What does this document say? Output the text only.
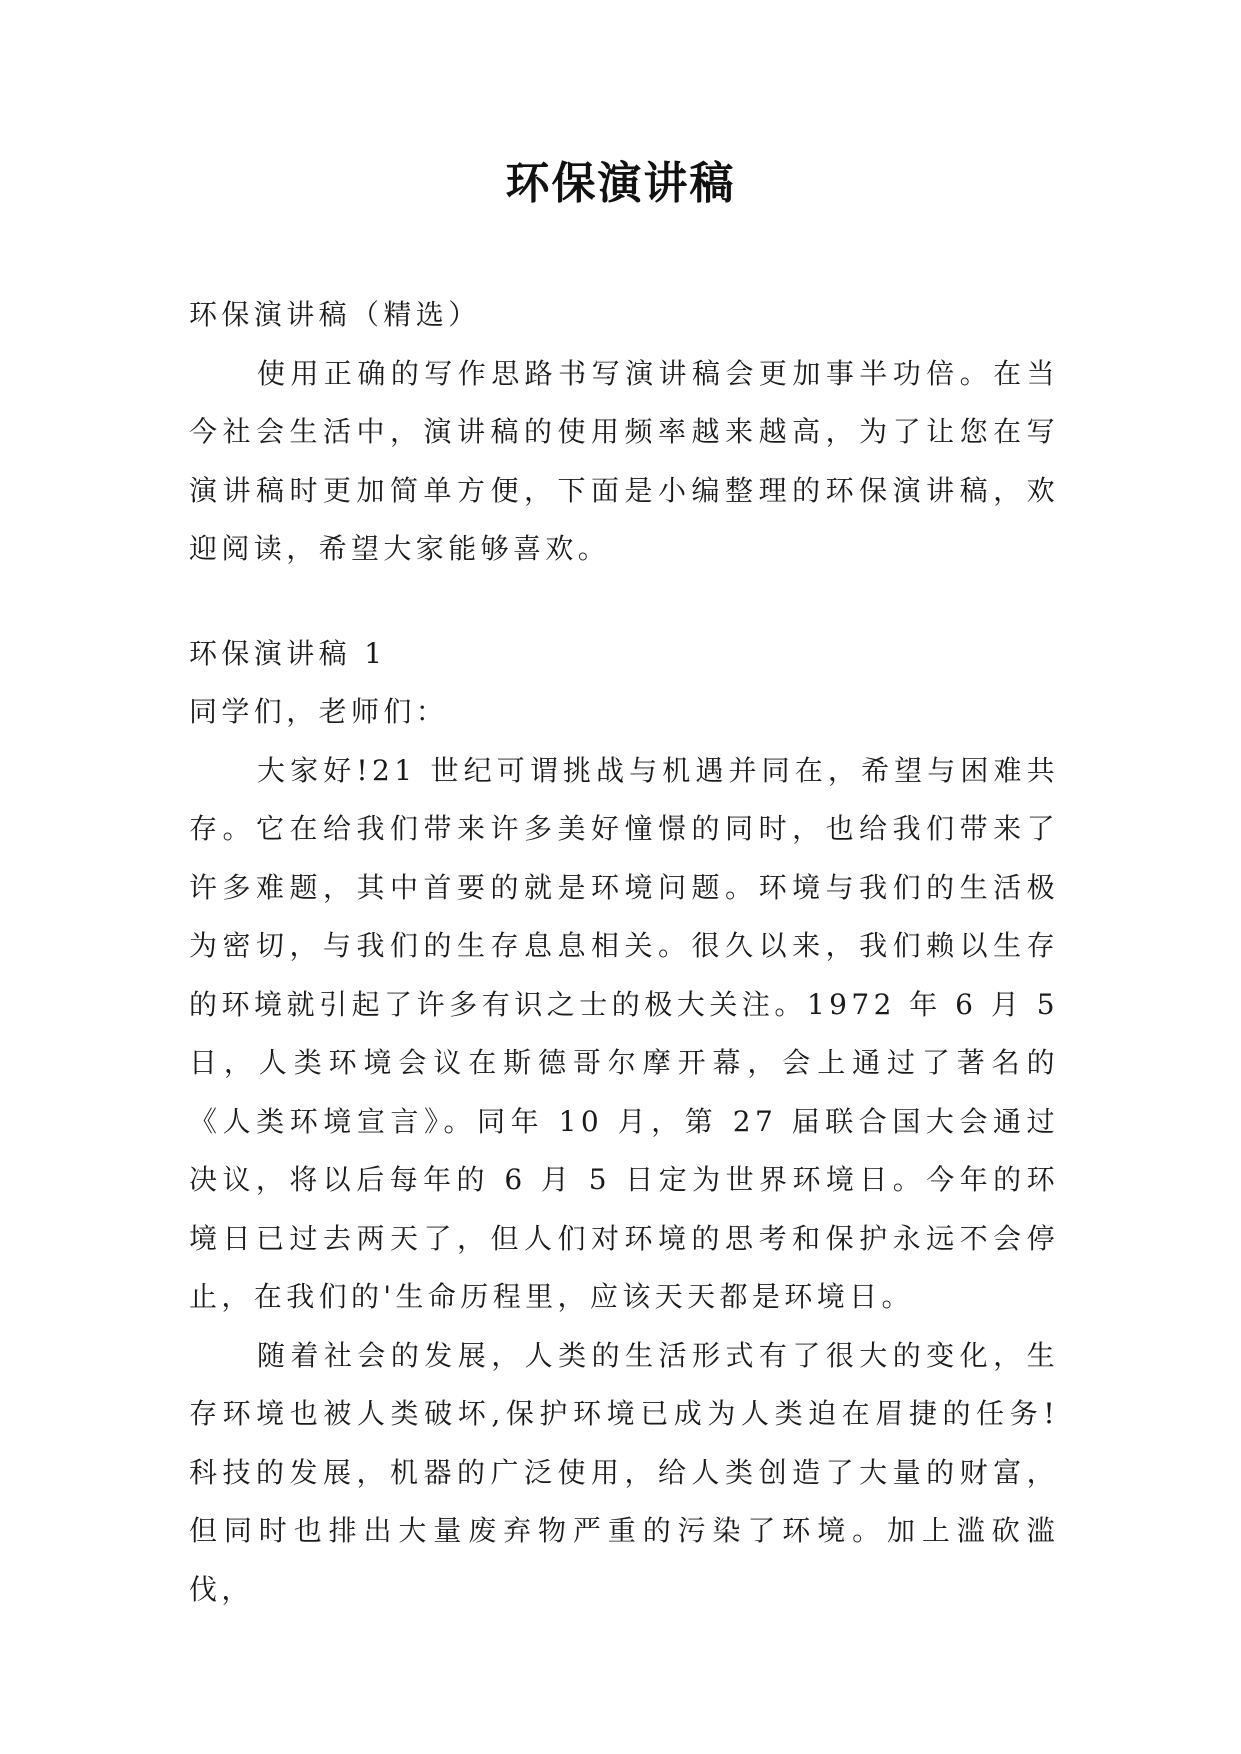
环保演讲稿

环保演讲稿（精选）

使用正确的写作思路书写演讲稿会更加事半功倍。在当今社会生活中，演讲稿的使用频率越来越高，为了让您在写演讲稿时更加简单方便，下面是小编整理的环保演讲稿，欢迎阅读，希望大家能够喜欢。

环保演讲稿 1

同学们，老师们：

大家好!21 世纪可谓挑战与机遇并同在，希望与困难共存。它在给我们带来许多美好憧憬的同时，也给我们带来了许多难题，其中首要的就是环境问题。环境与我们的生活极为密切，与我们的生存息息相关。很久以来，我们赖以生存的环境就引起了许多有识之士的极大关注。1972 年 6 月 5 日，人类环境会议在斯德哥尔摩开幕，会上通过了著名的《人类环境宣言》。同年 10 月，第 27 届联合国大会通过决议，将以后每年的 6 月 5 日定为世界环境日。今年的环境日已过去两天了，但人们对环境的思考和保护永远不会停止，在我们的'生命历程里，应该天天都是环境日。

随着社会的发展，人类的生活形式有了很大的变化，生存环境也被人类破坏,保护环境已成为人类迫在眉捷的任务!科技的发展，机器的广泛使用，给人类创造了大量的财富，但同时也排出大量废弃物严重的污染了环境。加上滥砍滥伐，
